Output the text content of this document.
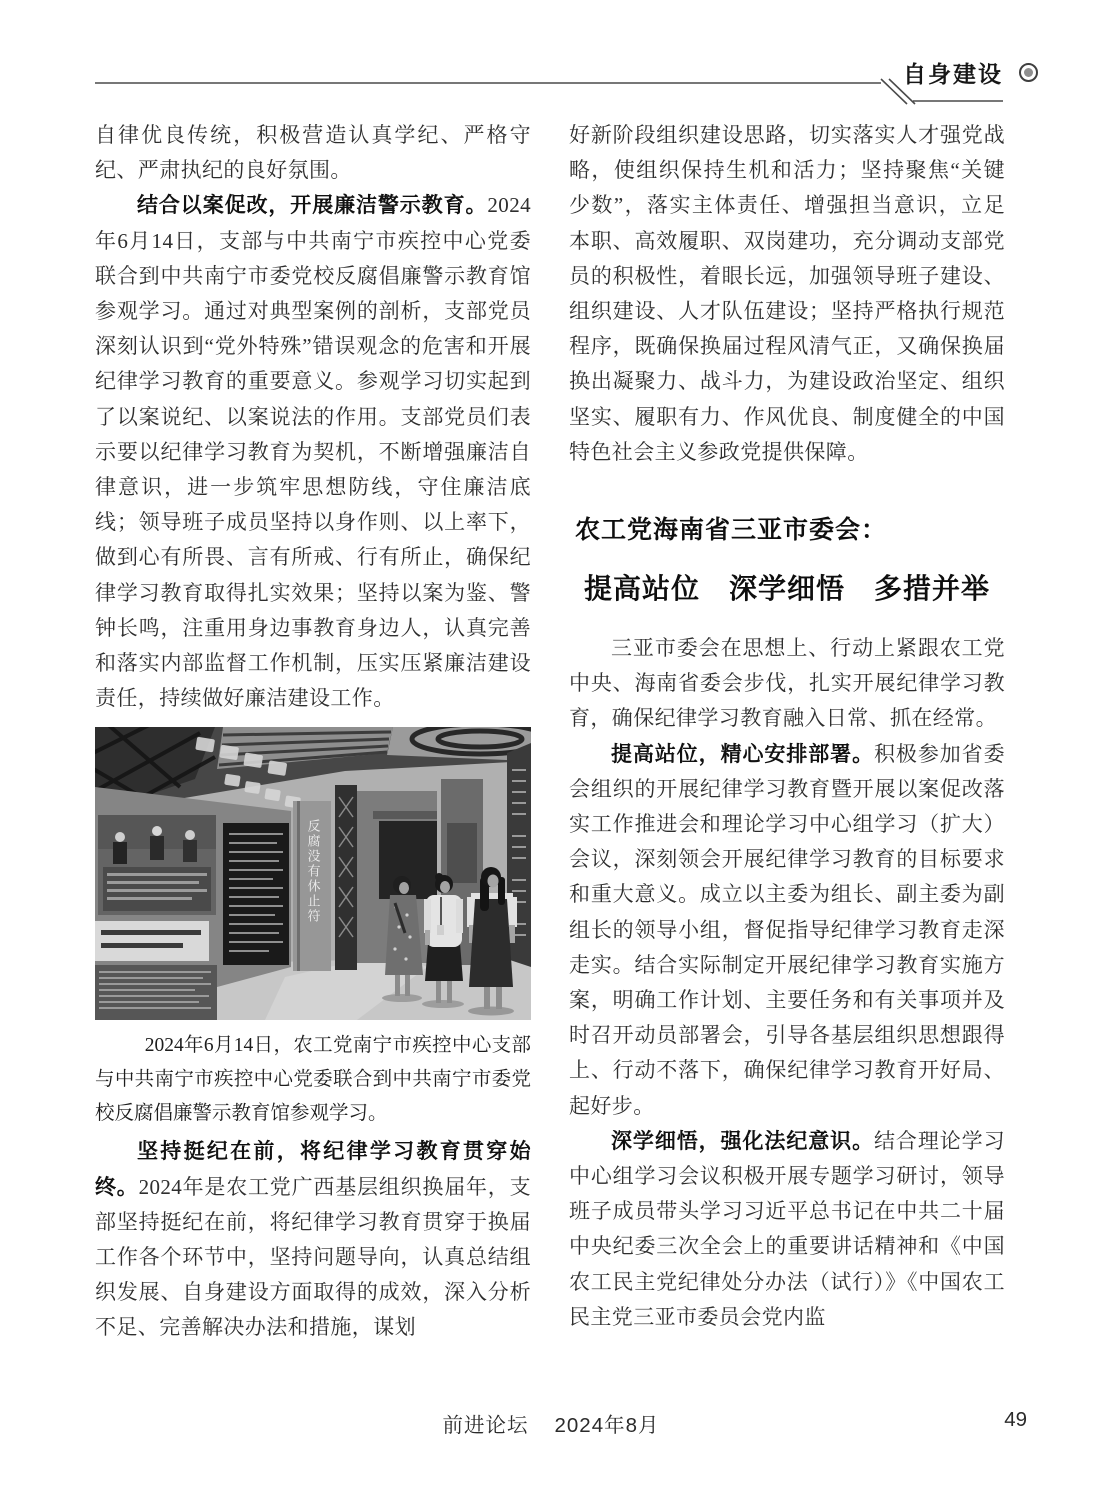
自身建设

自律优良传统，积极营造认真学纪、严格守纪、严肃执纪的良好氛围。

结合以案促改，开展廉洁警示教育。2024年6月14日，支部与中共南宁市疾控中心党委联合到中共南宁市委党校反腐倡廉警示教育馆参观学习。通过对典型案例的剖析，支部党员深刻认识到“党外特殊”错误观念的危害和开展纪律学习教育的重要意义。参观学习切实起到了以案说纪、以案说法的作用。支部党员们表示要以纪律学习教育为契机，不断增强廉洁自律意识，进一步筑牢思想防线，守住廉洁底线；领导班子成员坚持以身作则、以上率下，做到心有所畏、言有所戒、行有所止，确保纪律学习教育取得扎实效果；坚持以案为鉴、警钟长鸣，注重用身边事教育身边人，认真完善和落实内部监督工作机制，压实压紧廉洁建设责任，持续做好廉洁建设工作。

反腐没有休止符

2024年6月14日，农工党南宁市疾控中心支部与中共南宁市疾控中心党委联合到中共南宁市委党校反腐倡廉警示教育馆参观学习。

坚持挺纪在前，将纪律学习教育贯穿始终。2024年是农工党广西基层组织换届年，支部坚持挺纪在前，将纪律学习教育贯穿于换届工作各个环节中，坚持问题导向，认真总结组织发展、自身建设方面取得的成效，深入分析不足、完善解决办法和措施，谋划

好新阶段组织建设思路，切实落实人才强党战略，使组织保持生机和活力；坚持聚焦“关键少数”，落实主体责任、增强担当意识，立足本职、高效履职、双岗建功，充分调动支部党员的积极性，着眼长远，加强领导班子建设、组织建设、人才队伍建设；坚持严格执行规范程序，既确保换届过程风清气正，又确保换届换出凝聚力、战斗力，为建设政治坚定、组织坚实、履职有力、作风优良、制度健全的中国特色社会主义参政党提供保障。

农工党海南省三亚市委会：
提高站位　深学细悟　多措并举

三亚市委会在思想上、行动上紧跟农工党中央、海南省委会步伐，扎实开展纪律学习教育，确保纪律学习教育融入日常、抓在经常。

提高站位，精心安排部署。积极参加省委会组织的开展纪律学习教育暨开展以案促改落实工作推进会和理论学习中心组学习（扩大）会议，深刻领会开展纪律学习教育的目标要求和重大意义。成立以主委为组长、副主委为副组长的领导小组，督促指导纪律学习教育走深走实。结合实际制定开展纪律学习教育实施方案，明确工作计划、主要任务和有关事项并及时召开动员部署会，引导各基层组织思想跟得上、行动不落下，确保纪律学习教育开好局、起好步。

深学细悟，强化法纪意识。结合理论学习中心组学习会议积极开展专题学习研讨，领导班子成员带头学习习近平总书记在中共二十届中央纪委三次全会上的重要讲话精神和《中国农工民主党纪律处分办法（试行）》《中国农工民主党三亚市委员会党内监

前进论坛 2024年8月	49
